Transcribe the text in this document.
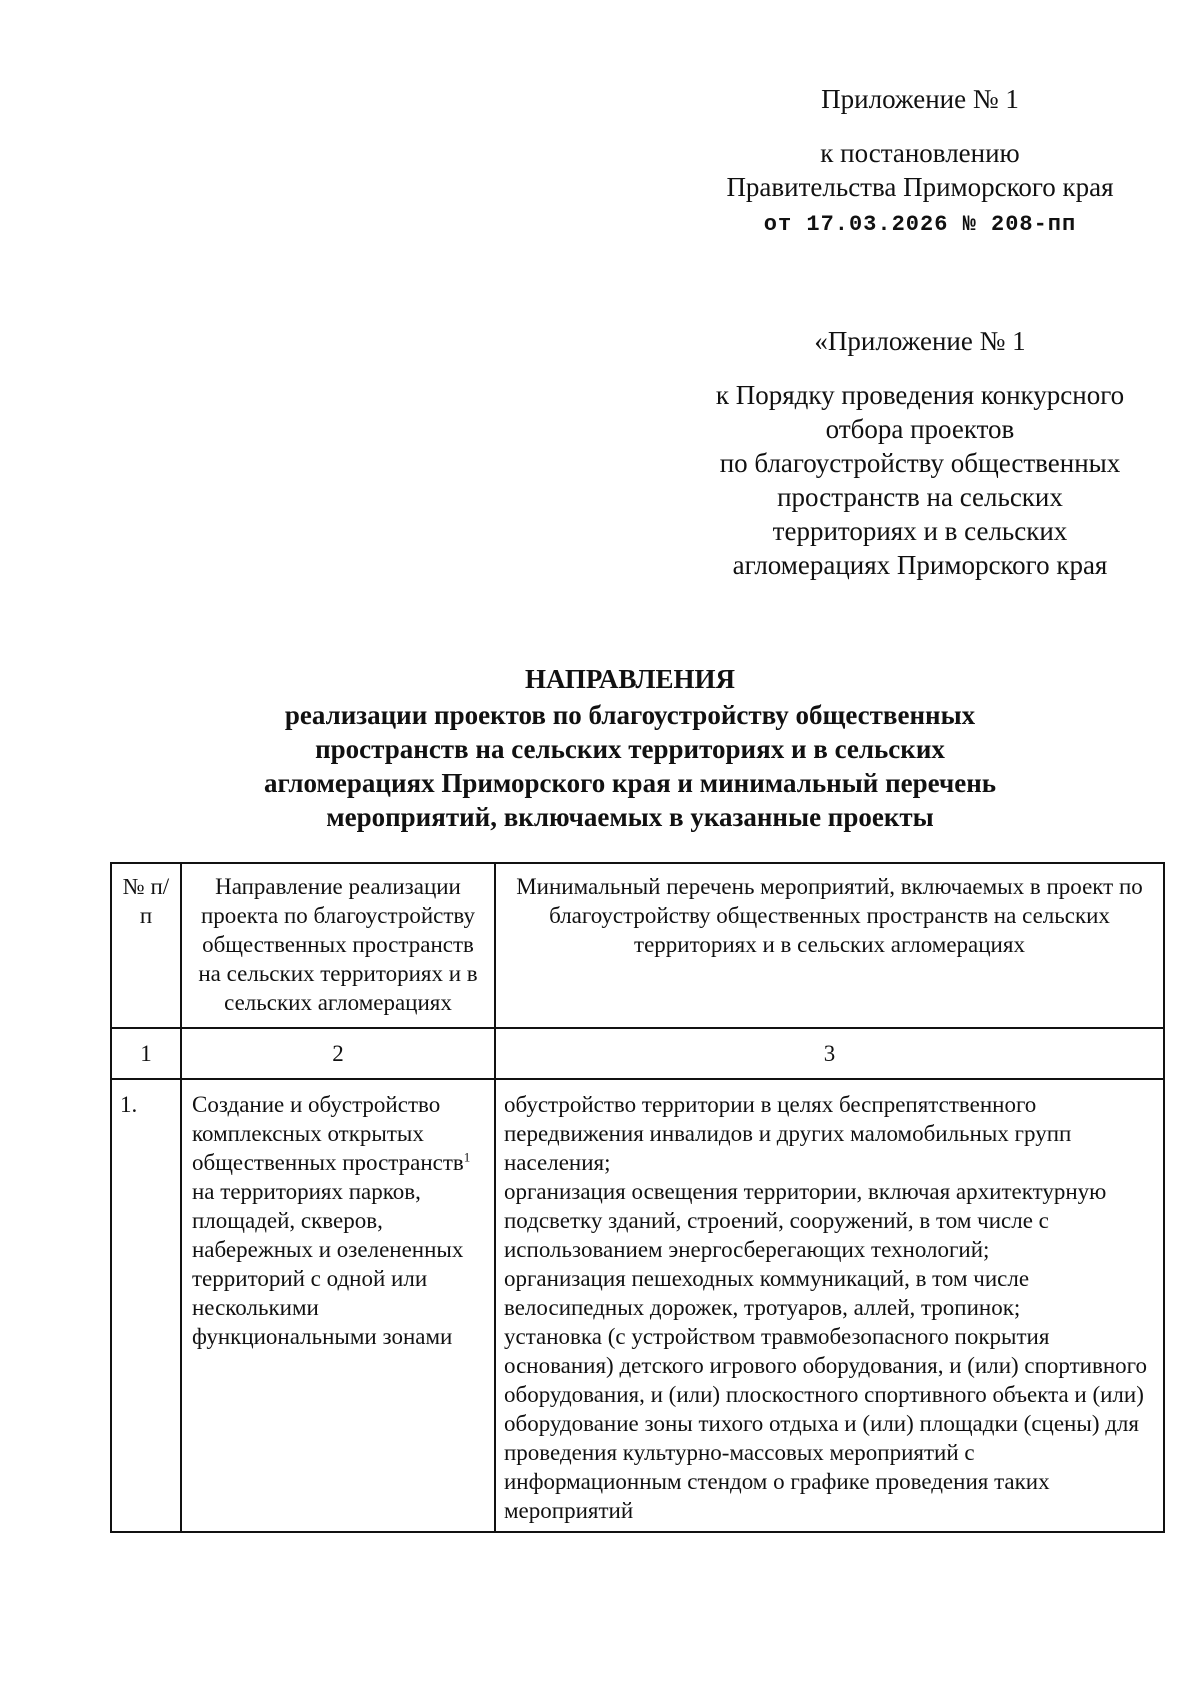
Приложение № 1
к постановлению
Правительства Приморского края
от 17.03.2026 № 208-пп
«Приложение № 1
к Порядку проведения конкурсного
отбора проектов
по благоустройству общественных
пространств на сельских
территориях и в сельских
агломерациях Приморского края
НАПРАВЛЕНИЯ
реализации проектов по благоустройству общественных
пространств на сельских территориях и в сельских
агломерациях Приморского края и минимальный перечень
мероприятий, включаемых в указанные проекты
№ п/п	Направление реализации проекта по благоустройству общественных пространств на сельских территориях и в сельских агломерациях	Минимальный перечень мероприятий, включаемых в проект по благоустройству общественных пространств на сельских территориях и в сельских агломерациях
1	2	3
1.	Создание и обустройство комплексных открытых общественных пространств$^1$ на территориях парков, площадей, скверов, набережных и озелененных территорий с одной или несколькими функциональными зонами	обустройство территории в целях беспрепятственного передвижения инвалидов и других маломобильных групп населения;
организация освещения территории, включая архитектурную подсветку зданий, строений, сооружений, в том числе с использованием энергосберегающих технологий;
организация пешеходных коммуникаций, в том числе велосипедных дорожек, тротуаров, аллей, тропинок;
установка (с устройством травмобезопасного покрытия основания) детского игрового оборудования, и (или) спортивного оборудования, и (или) плоскостного спортивного объекта и (или) оборудование зоны тихого отдыха и (или) площадки (сцены) для проведения культурно-массовых мероприятий с информационным стендом о графике проведения таких мероприятий
